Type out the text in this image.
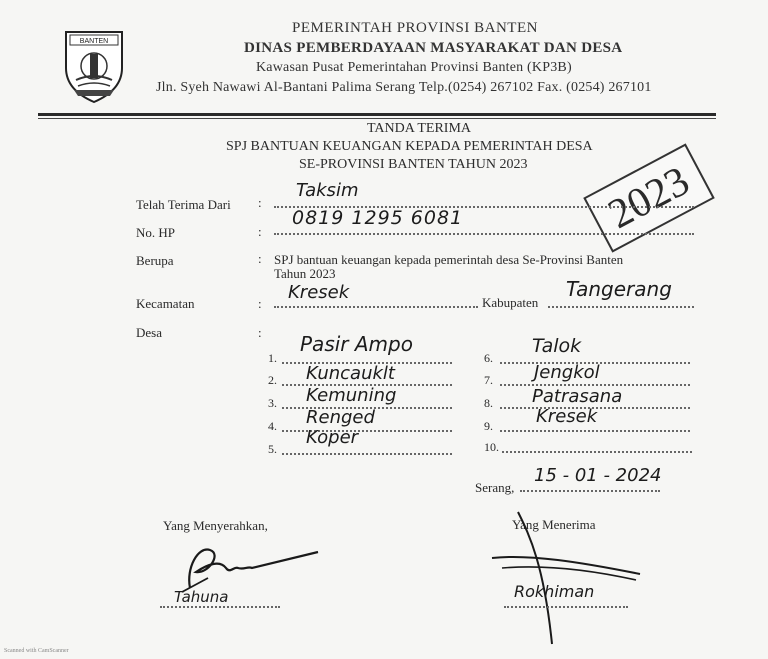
BANTEN
PEMERINTAH PROVINSI BANTEN
DINAS PEMBERDAYAAN MASYARAKAT DAN DESA
Kawasan Pusat Pemerintahan Provinsi Banten (KP3B)
Jln. Syeh Nawawi Al-Bantani Palima Serang Telp.(0254) 267102 Fax. (0254) 267101
TANDA TERIMA
SPJ BANTUAN KEUANGAN KEPADA PEMERINTAH DESA
SE-PROVINSI BANTEN TAHUN 2023	2023
Telah Terima Dari :
Taksim
No. HP	:
0819 1295 6081
Berupa	: SPJ bantuan keuangan kepada pemerintah desa Se-Provinsi Banten
Tahun 2023
Kecamatan	:
Kresek	Kabupaten
Tangerang
Desa	:
1.
Pasir Ampo
2. Kuncauklt
3. Kemuning
4. Renged
5.
Koper
6.
Talok
7. Jengkol
8. Patrasana
9. Kresek
10.
Serang,
15 - 01 - 2024
Yang Menyerahkan,
Tahuna
Yang Menerima
Rokhiman
Scanned with CamScanner
